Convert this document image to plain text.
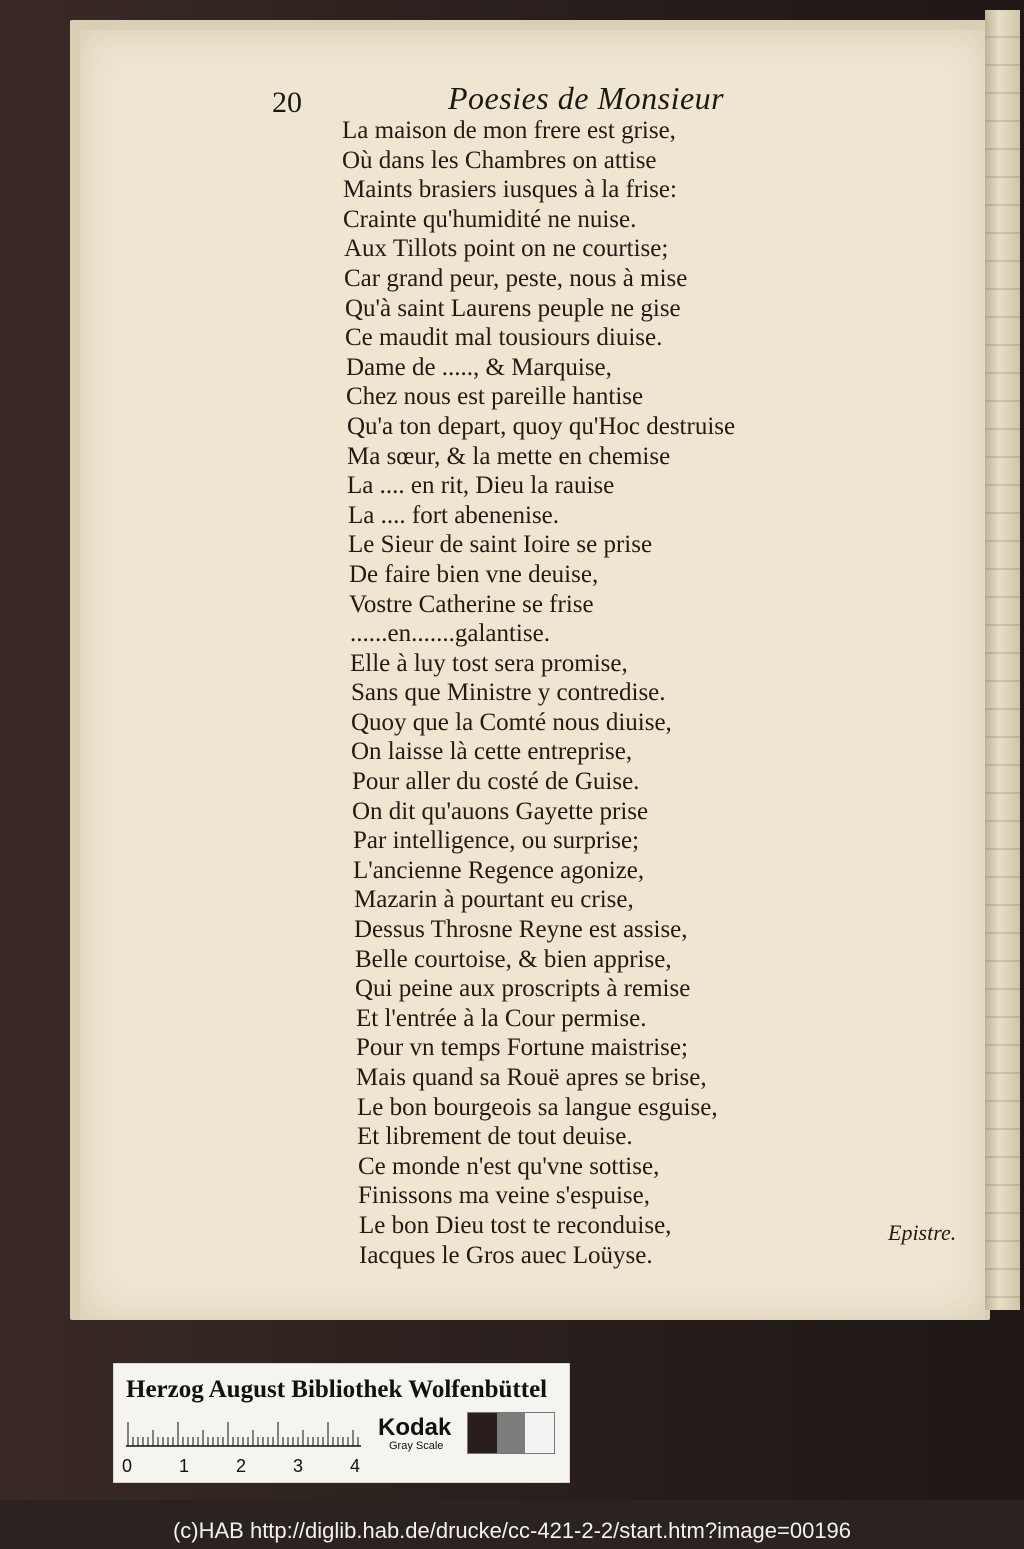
20	Poesies de Monsieur
La maison de mon frere est grise,
Où dans les Chambres on attise
Maints brasiers iusques à la frise:
Crainte qu'humidité ne nuise.
Aux Tillots point on ne courtise;
Car grand peur, peste, nous à mise
Qu'à saint Laurens peuple ne gise
Ce maudit mal tousiours diuise.
Dame de ....., & Marquise,
Chez nous est pareille hantise
Qu'a ton depart, quoy qu'Hoc destruise
Ma sœur, & la mette en chemise
La .... en rit, Dieu la rauise
La .... fort abenenise.
Le Sieur de saint Ioire se prise
De faire bien vne deuise,
Vostre Catherine se frise
......en.......galantise.
Elle à luy tost sera promise,
Sans que Ministre y contredise.
Quoy que la Comté nous diuise,
On laisse là cette entreprise,
Pour aller du costé de Guise.
On dit qu'auons Gayette prise
Par intelligence, ou surprise;
L'ancienne Regence agonize,
Mazarin à pourtant eu crise,
Dessus Throsne Reyne est assise,
Belle courtoise, & bien apprise,
Qui peine aux proscripts à remise
Et l'entrée à la Cour permise.
Pour vn temps Fortune maistrise;
Mais quand sa Rouë apres se brise,
Le bon bourgeois sa langue esguise,
Et librement de tout deuise.
Ce monde n'est qu'vne sottise,
Finissons ma veine s'espuise,
Le bon Dieu tost te reconduise,
Iacques le Gros auec Loüyse.
Epistre.
Herzog August Bibliothek Wolfenbüttel
0	1	2	3	4
Kodak
Gray Scale
(c)HAB http://diglib.hab.de/drucke/cc-421-2-2/start.htm?image=00196
